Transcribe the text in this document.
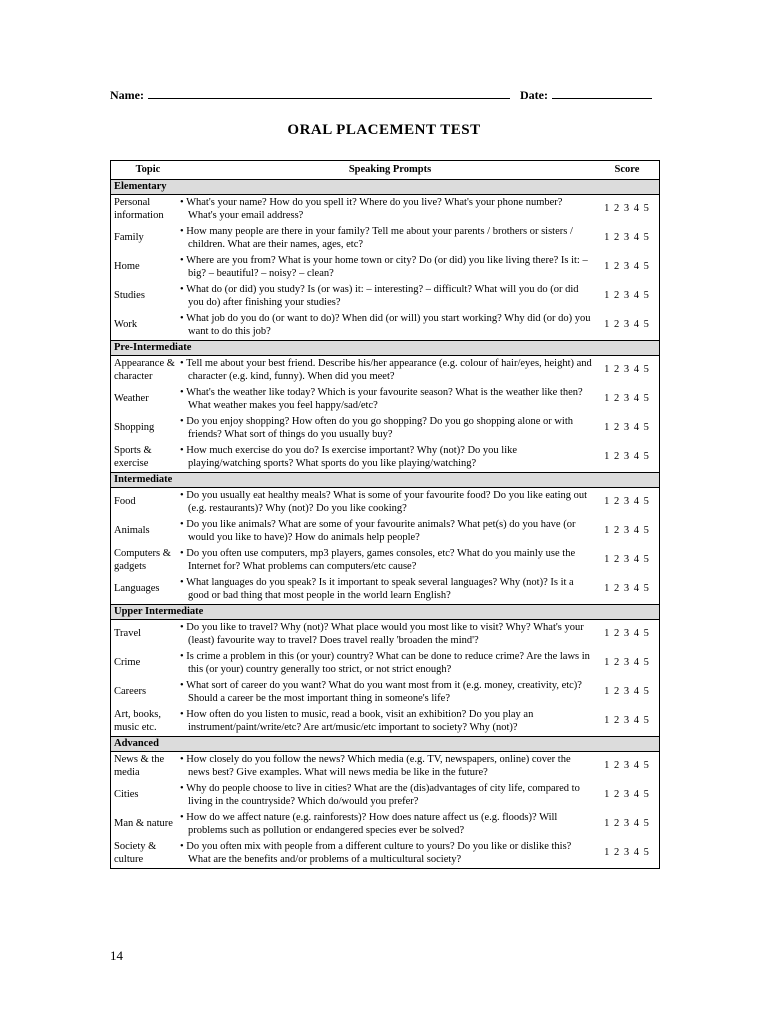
Name:	Date:
ORAL PLACEMENT TEST
Topic	Speaking Prompts	Score
Elementary		
Personal information	• What's your name? How do you spell it? Where do you live? What's your phone number? What's your email address?	1 2 3 4 5
Family	• How many people are there in your family? Tell me about your parents / brothers or sisters / children. What are their names, ages, etc?	1 2 3 4 5
Home	• Where are you from? What is your home town or city? Do (or did) you like living there? Is it: – big? – beautiful? – noisy? – clean?	1 2 3 4 5
Studies	• What do (or did) you study? Is (or was) it: – interesting? – difficult? What will you do (or did you do) after finishing your studies?	1 2 3 4 5
Work	• What job do you do (or want to do)? When did (or will) you start working? Why did (or do) you want to do this job?	1 2 3 4 5
Pre-Intermediate		
Appearance & character	• Tell me about your best friend. Describe his/her appearance (e.g. colour of hair/eyes, height) and character (e.g. kind, funny). When did you meet?	1 2 3 4 5
Weather	• What's the weather like today? Which is your favourite season? What is the weather like then? What weather makes you feel happy/sad/etc?	1 2 3 4 5
Shopping	• Do you enjoy shopping? How often do you go shopping? Do you go shopping alone or with friends? What sort of things do you usually buy?	1 2 3 4 5
Sports & exercise	• How much exercise do you do? Is exercise important? Why (not)? Do you like playing/watching sports? What sports do you like playing/watching?	1 2 3 4 5
Intermediate		
Food	• Do you usually eat healthy meals? What is some of your favourite food? Do you like eating out (e.g. restaurants)? Why (not)? Do you like cooking?	1 2 3 4 5
Animals	• Do you like animals? What are some of your favourite animals? What pet(s) do you have (or would you like to have)? How do animals help people?	1 2 3 4 5
Computers & gadgets	• Do you often use computers, mp3 players, games consoles, etc? What do you mainly use the Internet for? What problems can computers/etc cause?	1 2 3 4 5
Languages	• What languages do you speak? Is it important to speak several languages? Why (not)? Is it a good or bad thing that most people in the world learn English?	1 2 3 4 5
Upper Intermediate		
Travel	• Do you like to travel? Why (not)? What place would you most like to visit? Why? What's your (least) favourite way to travel? Does travel really 'broaden the mind'?	1 2 3 4 5
Crime	• Is crime a problem in this (or your) country? What can be done to reduce crime? Are the laws in this (or your) country generally too strict, or not strict enough?	1 2 3 4 5
Careers	• What sort of career do you want? What do you want most from it (e.g. money, creativity, etc)? Should a career be the most important thing in someone's life?	1 2 3 4 5
Art, books, music etc.	• How often do you listen to music, read a book, visit an exhibition? Do you play an instrument/paint/write/etc? Are art/music/etc important to society? Why (not)?	1 2 3 4 5
Advanced		
News & the media	• How closely do you follow the news? Which media (e.g. TV, newspapers, online) cover the news best? Give examples. What will news media be like in the future?	1 2 3 4 5
Cities	• Why do people choose to live in cities? What are the (dis)advantages of city life, compared to living in the countryside? Which do/would you prefer?	1 2 3 4 5
Man & nature	• How do we affect nature (e.g. rainforests)? How does nature affect us (e.g. floods)? Will problems such as pollution or endangered species ever be solved?	1 2 3 4 5
Society & culture	• Do you often mix with people from a different culture to yours? Do you like or dislike this? What are the benefits and/or problems of a multicultural society?	1 2 3 4 5
14
